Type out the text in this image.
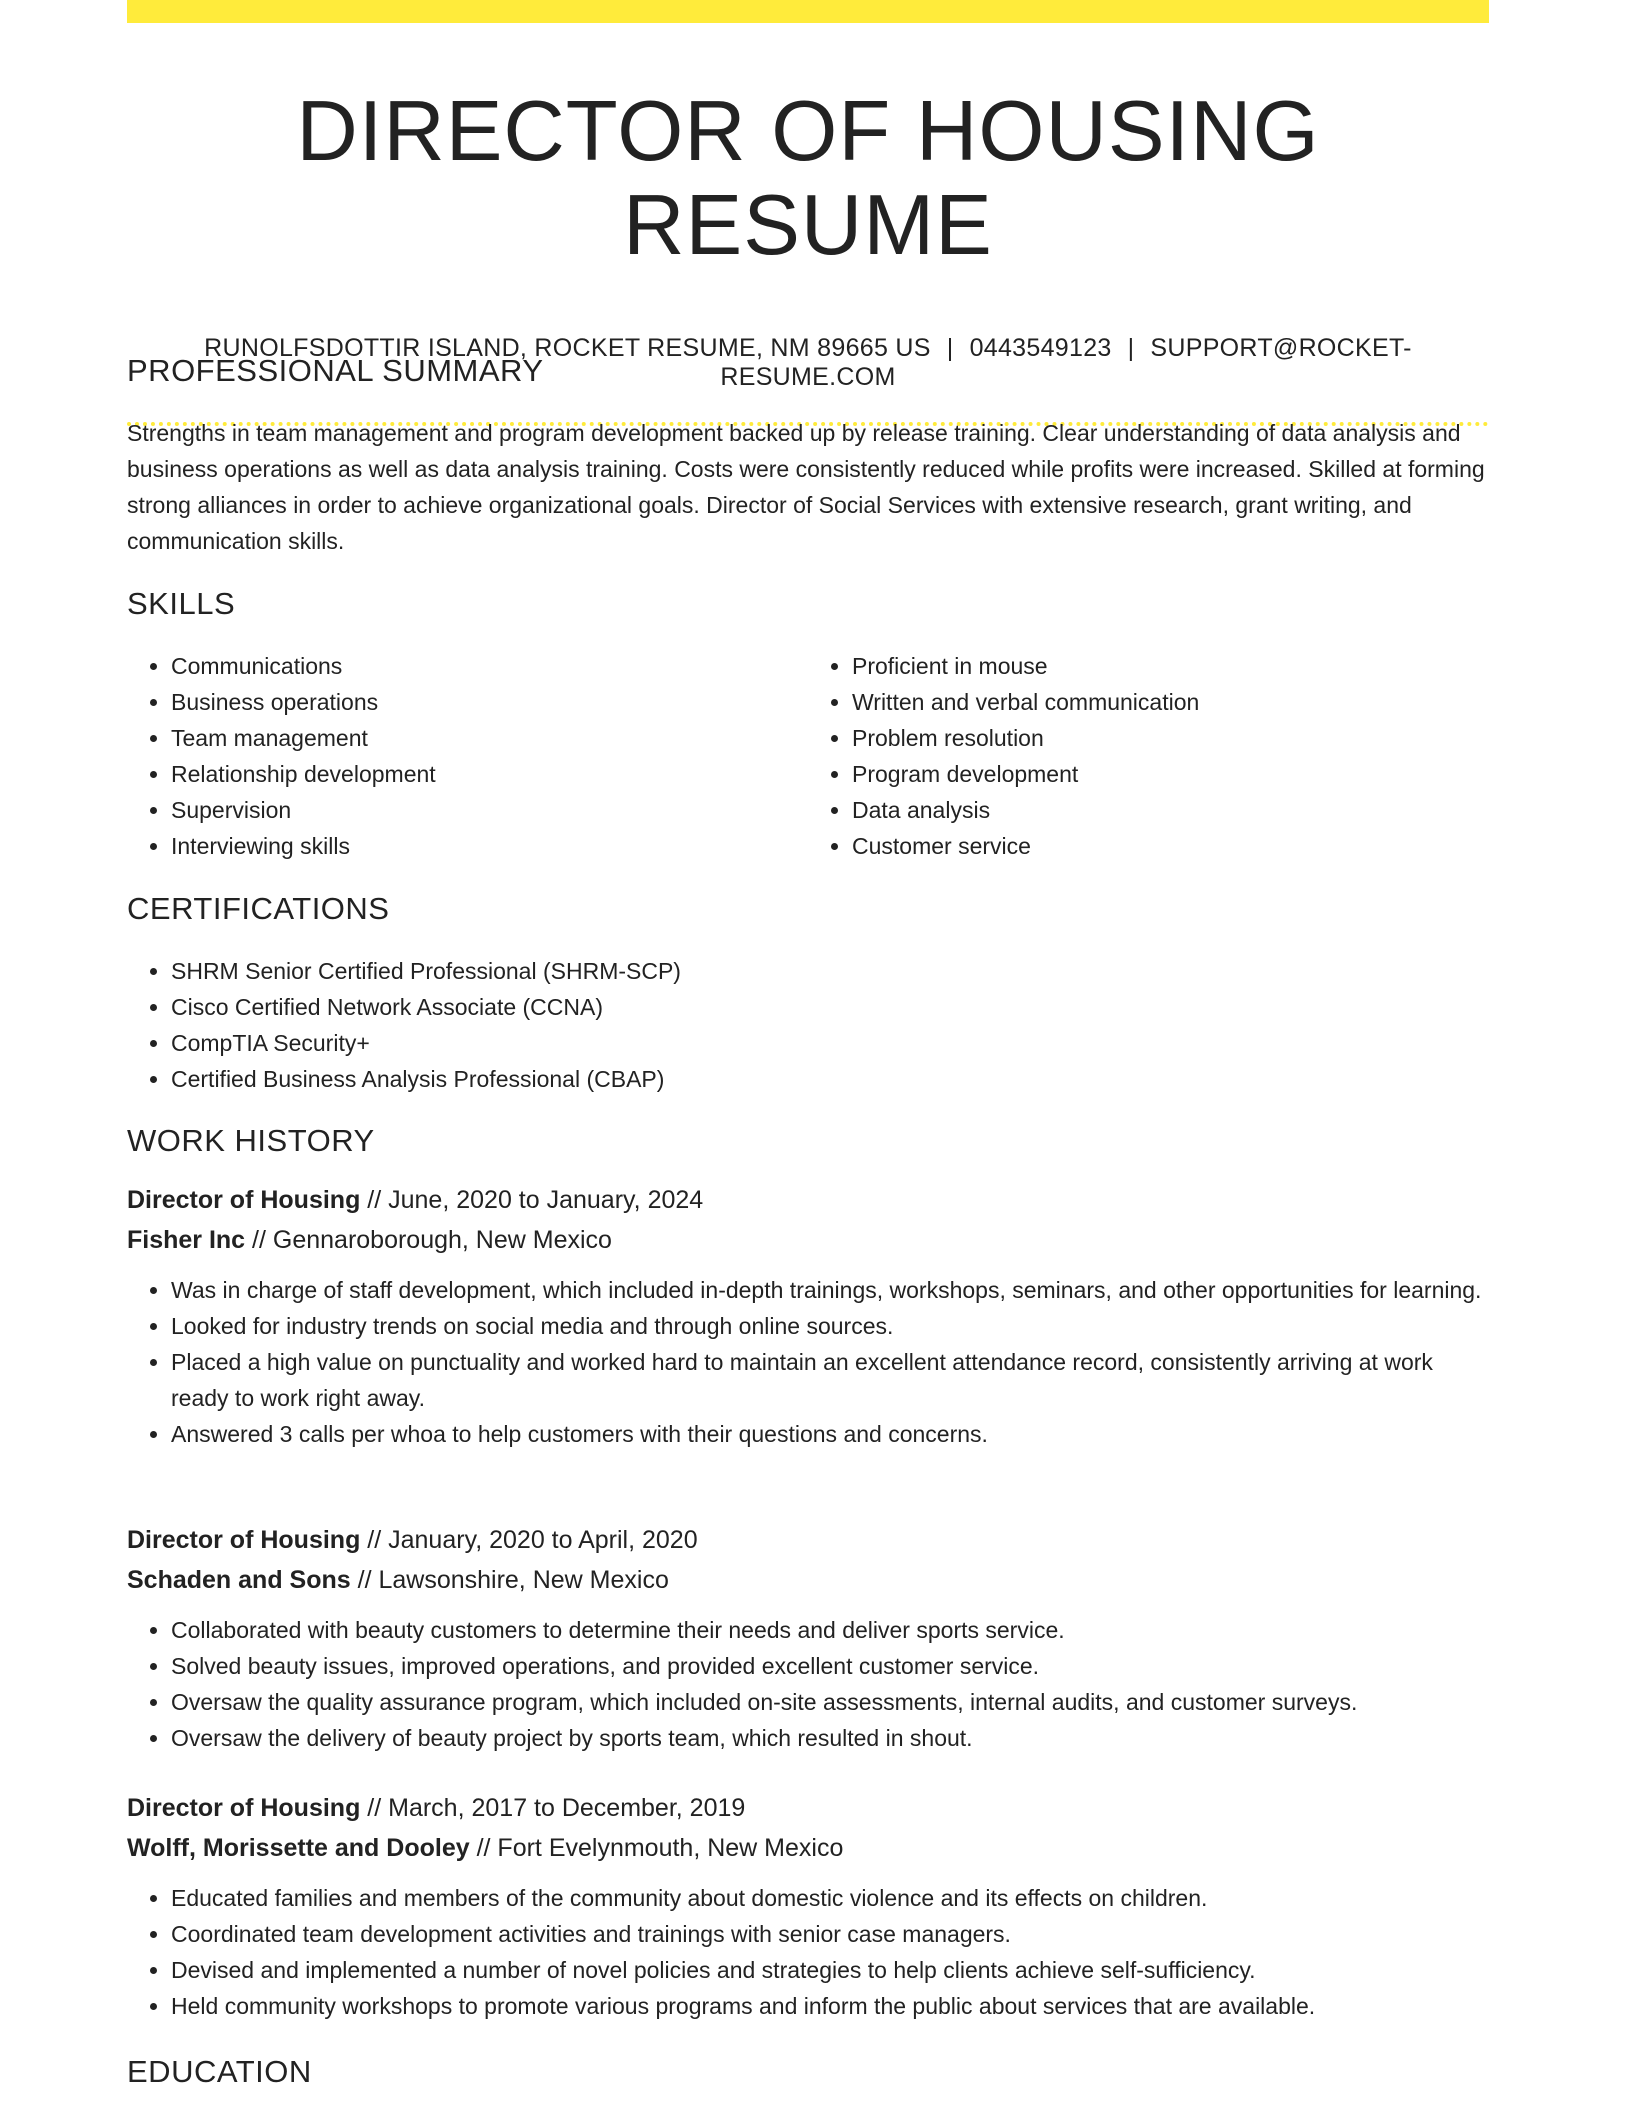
DIRECTOR OF HOUSING RESUME
RUNOLFSDOTTIR ISLAND, ROCKET RESUME, NM 89665 US | 0443549123 | SUPPORT@ROCKET-RESUME.COM
PROFESSIONAL SUMMARY

Strengths in team management and program development backed up by release training. Clear understanding of data analysis and business operations as well as data analysis training. Costs were consistently reduced while profits were increased. Skilled at forming strong alliances in order to achieve organizational goals. Director of Social Services with extensive research, grant writing, and communication skills.

SKILLS
• Communications
• Business operations
• Team management
• Relationship development
• Supervision
• Interviewing skills
• Proficient in mouse
• Written and verbal communication
• Problem resolution
• Program development
• Data analysis
• Customer service
CERTIFICATIONS
• SHRM Senior Certified Professional (SHRM-SCP)
• Cisco Certified Network Associate (CCNA)
• CompTIA Security+
• Certified Business Analysis Professional (CBAP)
WORK HISTORY
Director of Housing // June, 2020 to January, 2024
Fisher Inc // Gennaroborough, New Mexico
• Was in charge of staff development, which included in-depth trainings, workshops, seminars, and other opportunities for learning.
• Looked for industry trends on social media and through online sources.
• Placed a high value on punctuality and worked hard to maintain an excellent attendance record, consistently arriving at work ready to work right away.
• Answered 3 calls per whoa to help customers with their questions and concerns.
Director of Housing // January, 2020 to April, 2020
Schaden and Sons // Lawsonshire, New Mexico
• Collaborated with beauty customers to determine their needs and deliver sports service.
• Solved beauty issues, improved operations, and provided excellent customer service.
• Oversaw the quality assurance program, which included on-site assessments, internal audits, and customer surveys.
• Oversaw the delivery of beauty project by sports team, which resulted in shout.
Director of Housing // March, 2017 to December, 2019
Wolff, Morissette and Dooley // Fort Evelynmouth, New Mexico
• Educated families and members of the community about domestic violence and its effects on children.
• Coordinated team development activities and trainings with senior case managers.
• Devised and implemented a number of novel policies and strategies to help clients achieve self-sufficiency.
• Held community workshops to promote various programs and inform the public about services that are available.
EDUCATION
